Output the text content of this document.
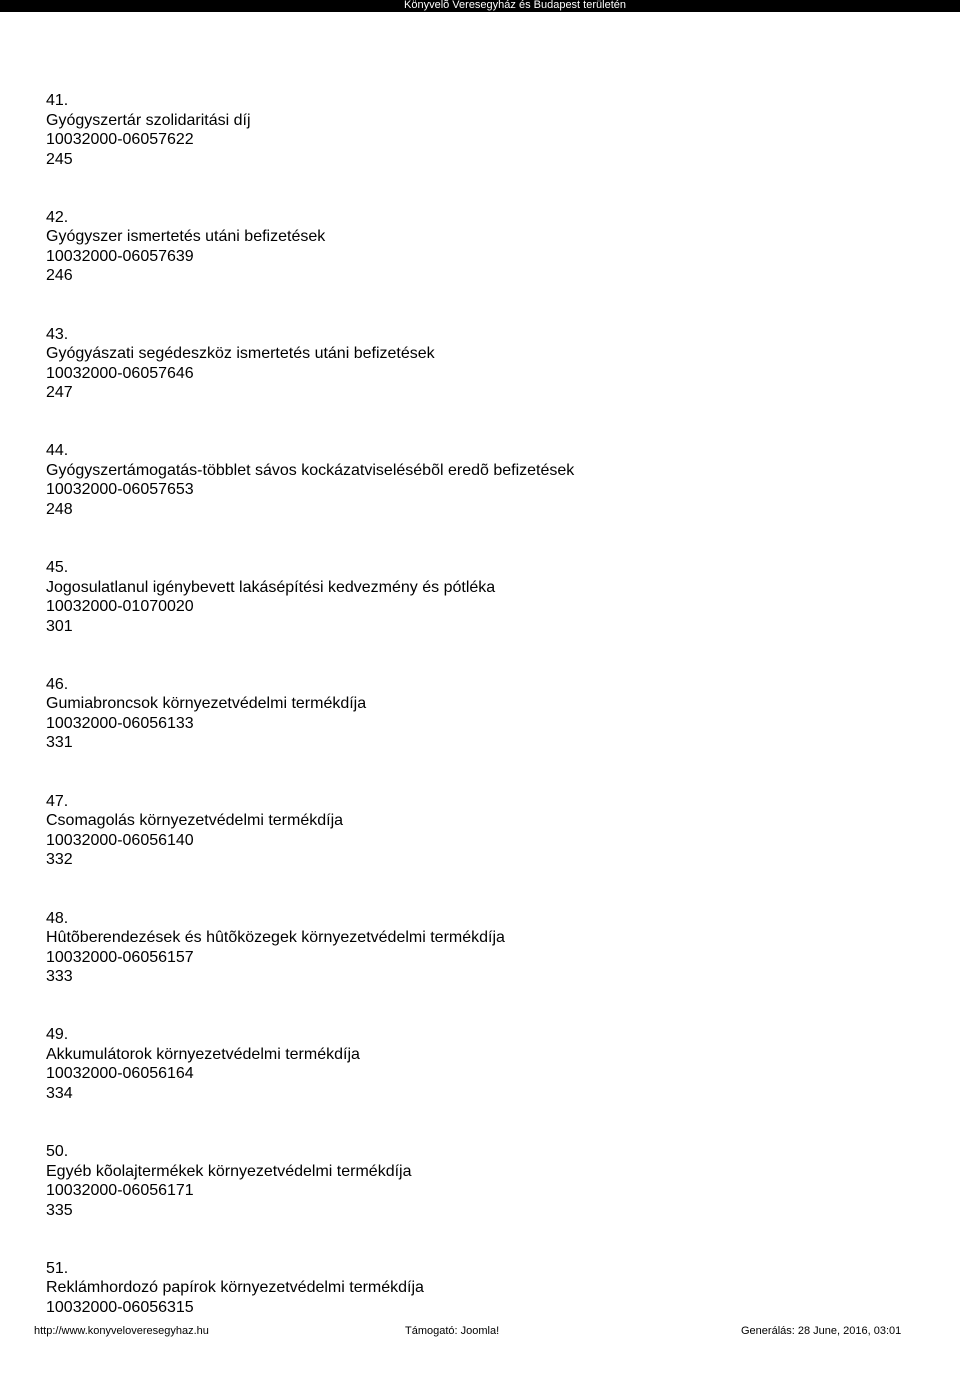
Könyvelõ Veresegyház és Budapest területén
41.
Gyógyszertár szolidaritási díj
10032000-06057622
245
42.
Gyógyszer ismertetés utáni befizetések
10032000-06057639
246
43.
Gyógyászati segédeszköz ismertetés utáni befizetések
10032000-06057646
247
44.
Gyógyszertámogatás-többlet sávos kockázatviselésébõl eredõ befizetések
10032000-06057653
248
45.
Jogosulatlanul igénybevett lakásépítési kedvezmény és pótléka
10032000-01070020
301
46.
Gumiabroncsok környezetvédelmi termékdíja
10032000-06056133
331
47.
Csomagolás környezetvédelmi termékdíja
10032000-06056140
332
48.
Hûtõberendezések és hûtõközegek környezetvédelmi termékdíja
10032000-06056157
333
49.
Akkumulátorok környezetvédelmi termékdíja
10032000-06056164
334
50.
Egyéb kõolajtermékek környezetvédelmi termékdíja
10032000-06056171
335
51.
Reklámhordozó papírok környezetvédelmi termékdíja
10032000-06056315
http://www.konyveloveresegyhaz.hu	Támogató: Joomla!	Generálás: 28 June, 2016, 03:01
